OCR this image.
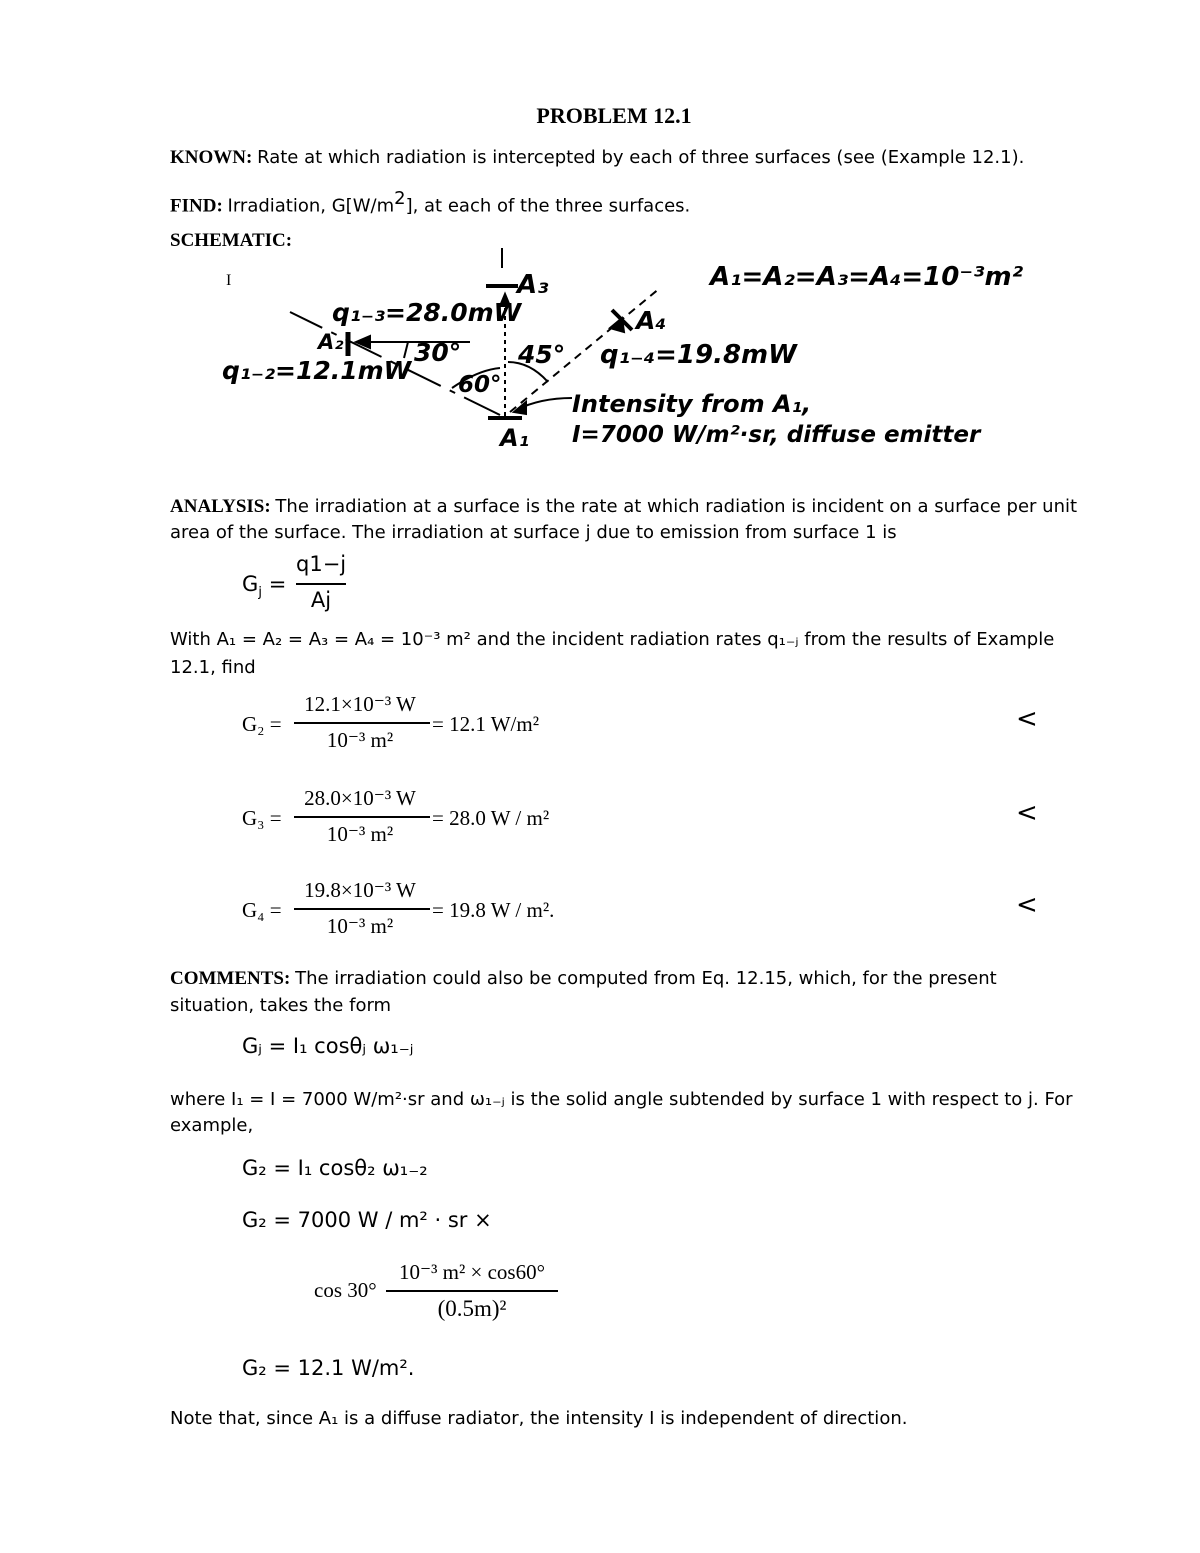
PROBLEM 12.1
KNOWN: Rate at which radiation is intercepted by each of three surfaces (see (Example 12.1).
FIND: Irradiation, $G[W/m^2]$, at each of the three surfaces.
SCHEMATIC:
I	A₃	A₁=A₂=A₃=A₄=10⁻³m²
q₁₋₃=28.0mW	A₄
A₂	30° 45° q₁₋₄=19.8mW
q₁₋₂=12.1mW 60°
Intensity from A₁,
A₁ I=7000 W/m²·sr, diffuse emitter
ANALYSIS: The irradiation at a surface is the rate at which radiation is incident on a surface per unit
area of the surface. The irradiation at surface j due to emission from surface 1 is
$G_j$ =
q1−j
Aj
With A₁ = A₂ = A₃ = A₄ = 10⁻³ m² and the incident radiation rates q₁₋ⱼ from the results of Example
12.1, find
G₂ =
12.1×10⁻³ W
10⁻³ m²
= 12.1 W/m²	<
G₃ =
28.0×10⁻³ W
10⁻³ m²
= 28.0 W / m²	<
G₄ =
19.8×10⁻³ W
10⁻³ m²
= 19.8 W / m².	<
COMMENTS: The irradiation could also be computed from Eq. 12.15, which, for the present
situation, takes the form
Gⱼ = I₁ cosθⱼ ω₁₋ⱼ
where I₁ = I = 7000 W/m²·sr and ω₁₋ⱼ is the solid angle subtended by surface 1 with respect to j. For
example,
G₂ = I₁ cosθ₂ ω₁₋₂
G₂ = 7000 W / m² · sr ×
cos 30°
10⁻³ m² × cos60°
(0.5m)²
G₂ = 12.1 W/m².
Note that, since A₁ is a diffuse radiator, the intensity I is independent of direction.
